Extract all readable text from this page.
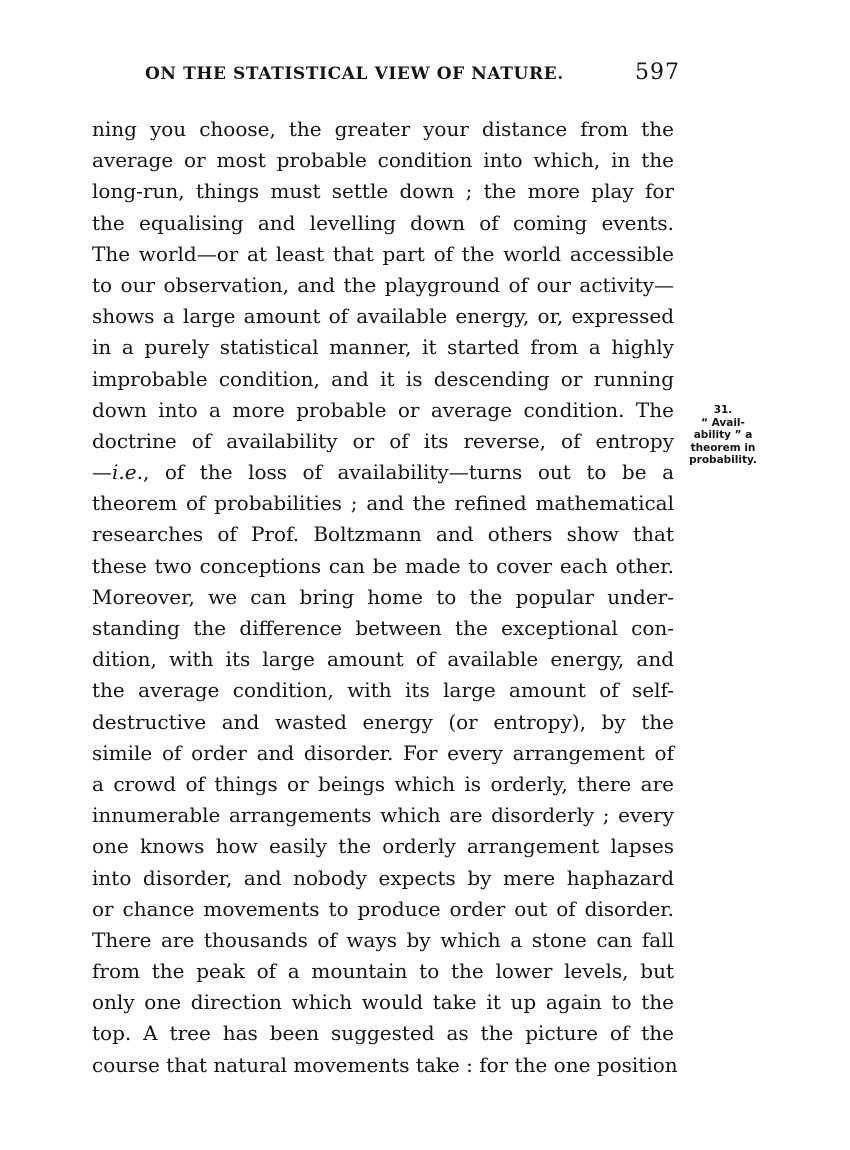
ON THE STATISTICAL VIEW OF NATURE.	597
ning you choose, the greater your distance from the
average or most probable condition into which, in the
long-run, things must settle down ; the more play for
the equalising and levelling down of coming events.
The world—or at least that part of the world accessible
to our observation, and the playground of our activity—
shows a large amount of available energy, or, expressed
in a purely statistical manner, it started from a highly
improbable condition, and it is descending or running
down into a more probable or average condition. The
doctrine of availability or of its reverse, of entropy
—i.e., of the loss of availability—turns out to be a
theorem of probabilities ; and the refined mathematical
researches of Prof. Boltzmann and others show that
these two conceptions can be made to cover each other.
Moreover, we can bring home to the popular under-
standing the difference between the exceptional con-
dition, with its large amount of available energy, and
the average condition, with its large amount of self-
destructive and wasted energy (or entropy), by the
simile of order and disorder. For every arrangement of
a crowd of things or beings which is orderly, there are
innumerable arrangements which are disorderly ; every
one knows how easily the orderly arrangement lapses
into disorder, and nobody expects by mere haphazard
or chance movements to produce order out of disorder.
There are thousands of ways by which a stone can fall
from the peak of a mountain to the lower levels, but
only one direction which would take it up again to the
top. A tree has been suggested as the picture of the
course that natural movements take : for the one position
31.
“ Avail-
ability ” a
theorem in
probability.
